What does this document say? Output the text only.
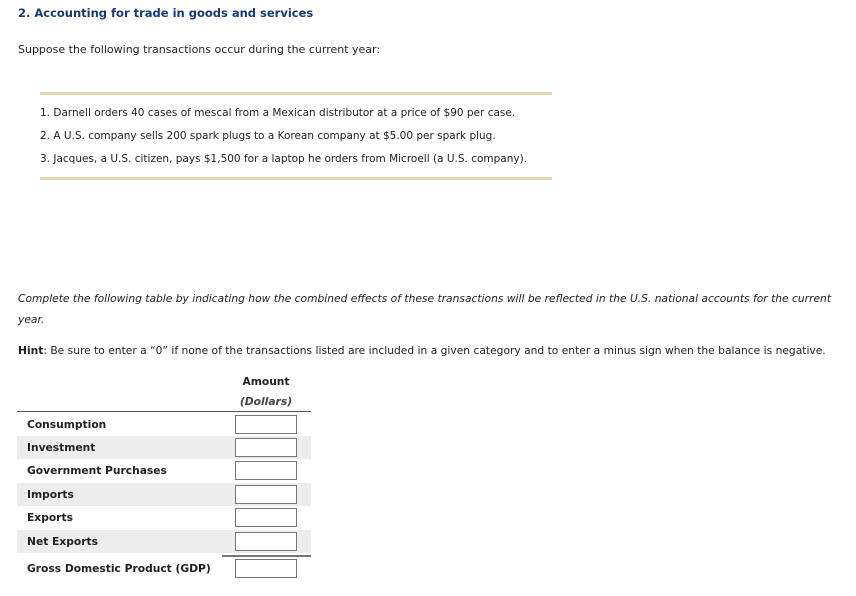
2. Accounting for trade in goods and services
Suppose the following transactions occur during the current year:
1. Darnell orders 40 cases of mescal from a Mexican distributor at a price of $90 per case.
2. A U.S. company sells 200 spark plugs to a Korean company at $5.00 per spark plug.
3. Jacques, a U.S. citizen, pays $1,500 for a laptop he orders from Microell (a U.S. company).
Complete the following table by indicating how the combined effects of these transactions will be reflected in the U.S. national accounts for the current year.
Hint: Be sure to enter a “0” if none of the transactions listed are included in a given category and to enter a minus sign when the balance is negative.
Amount
(Dollars)
Consumption
Investment
Government Purchases
Imports
Exports
Net Exports
Gross Domestic Product (GDP)
